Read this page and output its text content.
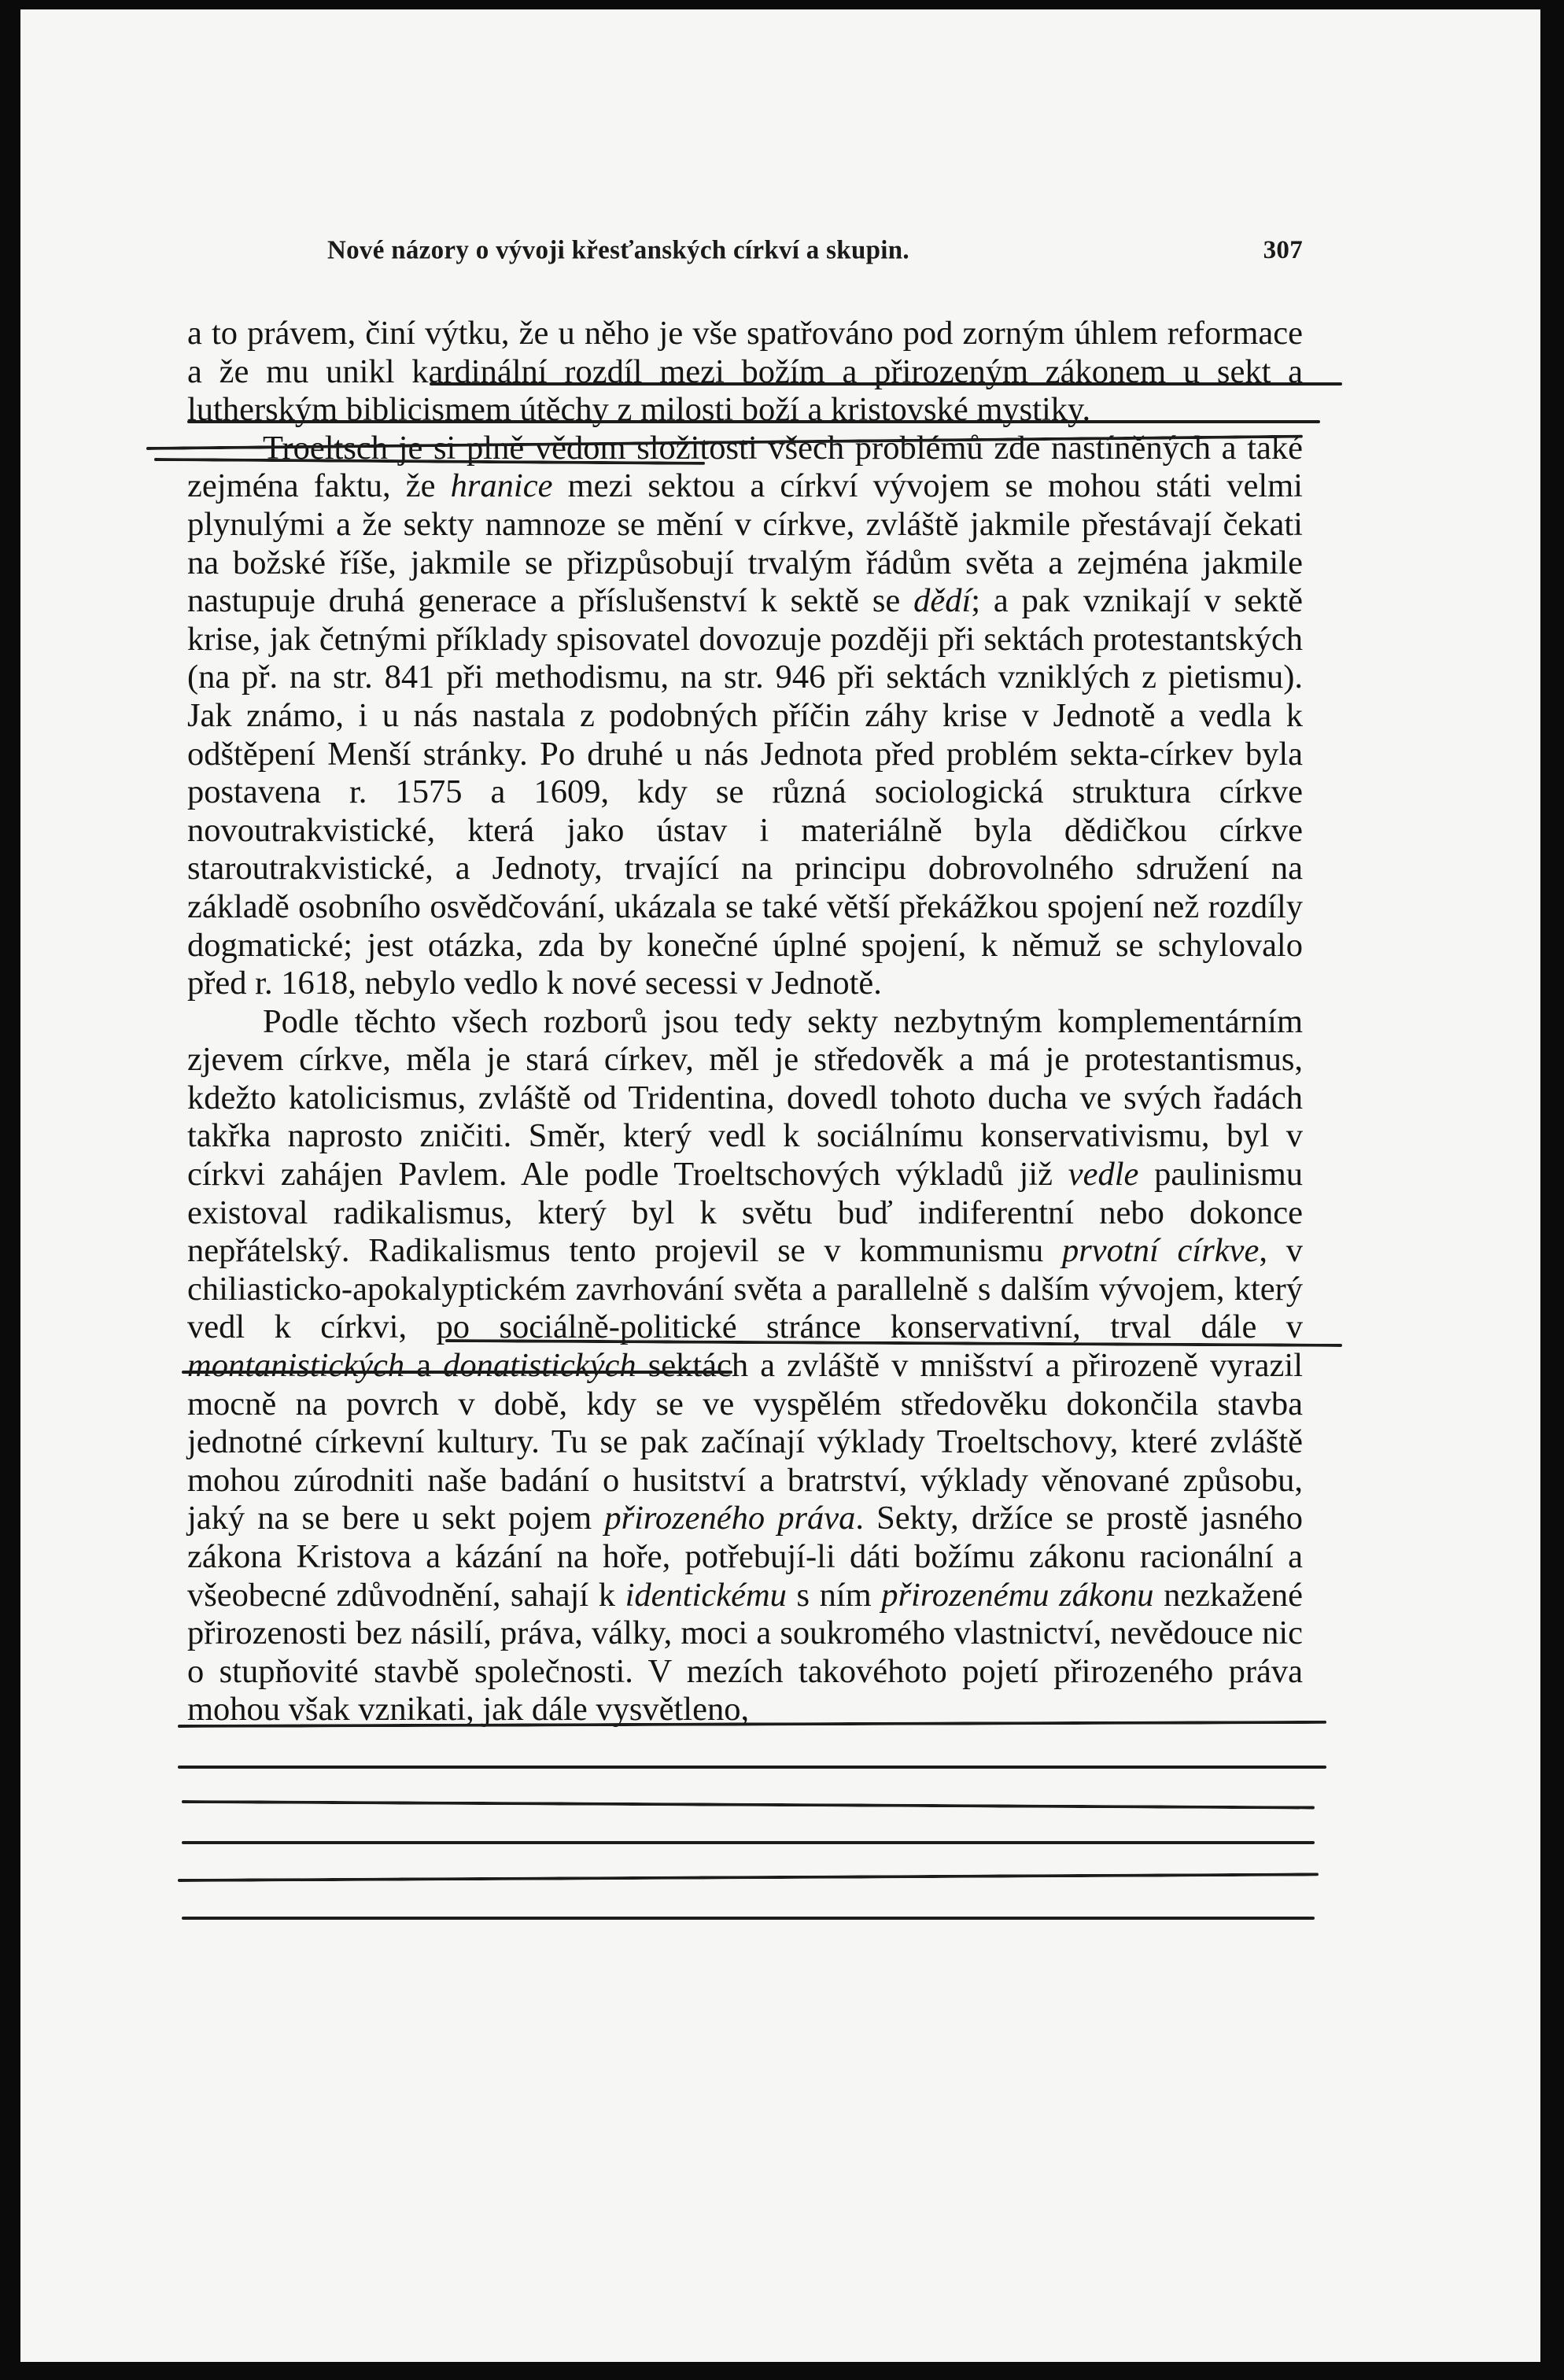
Nové názory o vývoji křesťanských církví a skupin.	307

a to právem, činí výtku, že u něho je vše spatřováno pod zorným úhlem reformace a že mu unikl kardinální rozdíl mezi božím a přirozeným zákonem u sekt a lutherským biblicismem útěchy z milosti boží a kristovské mystiky.

Troeltsch je si plně vědom složitosti všech problémů zde nastíněných a také zejména faktu, že hranice mezi sektou a církví vývojem se mohou státi velmi plynulými a že sekty namnoze se mění v církve, zvláště jakmile přestávají čekati na božské říše, jakmile se přizpůsobují trvalým řádům světa a zejména jakmile nastupuje druhá generace a příslušenství k sektě se dědí; a pak vznikají v sektě krise, jak četnými příklady spisovatel dovozuje později při sektách protestantských (na př. na str. 841 při methodismu, na str. 946 při sektách vzniklých z pietismu). Jak známo, i u nás nastala z podobných příčin záhy krise v Jednotě a vedla k odštěpení Menší stránky. Po druhé u nás Jednota před problém sekta-církev byla postavena r. 1575 a 1609, kdy se různá sociologická struktura církve novoutrakvistické, která jako ústav i materiálně byla dědičkou církve staroutrakvistické, a Jednoty, trvající na principu dobrovolného sdružení na základě osobního osvědčování, ukázala se také větší překážkou spojení než rozdíly dogmatické; jest otázka, zda by konečné úplné spojení, k němuž se schylovalo před r. 1618, nebylo vedlo k nové secessi v Jednotě.

Podle těchto všech rozborů jsou tedy sekty nezbytným komplementárním zjevem církve, měla je stará církev, měl je středověk a má je protestantismus, kdežto katolicismus, zvláště od Tridentina, dovedl tohoto ducha ve svých řadách takřka naprosto zničiti. Směr, který vedl k sociálnímu konservativismu, byl v církvi zahájen Pavlem. Ale podle Troeltschových výkladů již vedle paulinismu existoval radikalismus, který byl k světu buď indiferentní nebo dokonce nepřátelský. Radikalismus tento projevil se v kommunismu prvotní církve, v chiliasticko-apokalyptickém zavrhování světa a parallelně s dalším vývojem, který vedl k církvi, po sociálně-politické stránce konservativní, trval dále v montanistických a donatistických sektách a zvláště v mnišství a přirozeně vyrazil mocně na povrch v době, kdy se ve vyspělém středověku dokončila stavba jednotné církevní kultury. Tu se pak začínají výklady Troeltschovy, které zvláště mohou zúrodniti naše badání o husitství a bratrství, výklady věnované způsobu, jaký na se bere u sekt pojem přirozeného práva. Sekty, držíce se prostě jasného zákona Kristova a kázání na hoře, potřebují-li dáti božímu zákonu racionální a všeobecné zdůvodnění, sahají k identickému s ním přirozenému zákonu nezkažené přirozenosti bez násilí, práva, války, moci a soukromého vlastnictví, nevědouce nic o stupňovité stavbě společnosti. V mezích takovéhoto pojetí přirozeného práva mohou však vznikati, jak dále vysvětleno,
